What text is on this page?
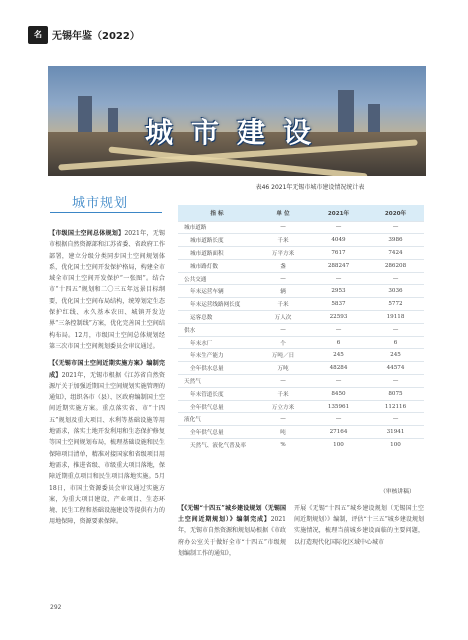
名	无锡年鉴（2022）
城市建设
城市规划

【市级国土空间总体规划】2021年，无锡市根据自然资源部和江苏省委、省政府工作部署，建立分级分类同步国土空间规划体系，优化国土空间开发保护格局，构建全市域全市国土空间开发保护“一张图”。结合市“十四五”规划和二〇三五年远景目标纲要，优化国土空间布局结构，统筹划定生态保护红线、永久基本农田、城镇开发边界“三条控制线”方案，优化完善国土空间结构布局。12月，市级国土空间总体规划经第三次市国土空间规划委员会审议通过。

【《无锡市国土空间近期实施方案》编制完成】2021年，无锡市根据《江苏省自然资源厅关于加强近期国土空间规划实施管理的通知》，组织各市（县）、区政府编制国土空间近期实施方案。重点落实省、市“十四五”规划及重大项目、水利等基础设施等用地需求，落实土地开发利用和生态保护修复等国土空间规划布局，梳理基础设施和民生保障项目清单，精准对接国家和省级项目用地需求，推进省级、市级重大项目落地，保障近期重点项目和民生项目落地实施。5月18日，市国土资源委员会审议通过实施方案，为重大项目建设、产业项目、生态环境、民生工程和基础设施建设等提供有力的用地保障，资源要素保障。

表46 2021年无锡市城市建设情况统计表
指 标	单 位	2021年	2020年
城市道路	—	—	—
城市道路长度	千米	4049	3986
城市道路面积	万平方米	7617	7424
城市路灯数	盏	288247	286208
公共交通	—	—	—
年末运营车辆	辆	2953	3036
年末运营线路网长度	千米	5837	5772
运客总数	万人次	22593	19118
供水	—	—	—
年末水厂	个	6	6
年末生产能力	万吨／日	245	245
全年供水总量	万吨	48284	44574
天然气	—	—	—
年末管道长度	千米	8450	8075
全年供气总量	万立方米	135961	112116
液化气	—	—	—
全年供气总量	吨	27164	31941
天然气、液化气普及率	%	100	100
（审核讲稿）
【《无锡“十四五”城乡建设规划（无锡国土空间近期规划）》编制完成】2021年，无锡市自然资源和规划局根据《市政府办公室关于做好全市“十四五”市级规划编制工作的通知》，
开展《无锡“十四五”城乡建设规划（无锡国土空间近期规划）》编制，评估“十三五”城乡建设规划实施情况，梳理当前城乡建设面临的主要问题，以打造现代化国际化区域中心城市
292
